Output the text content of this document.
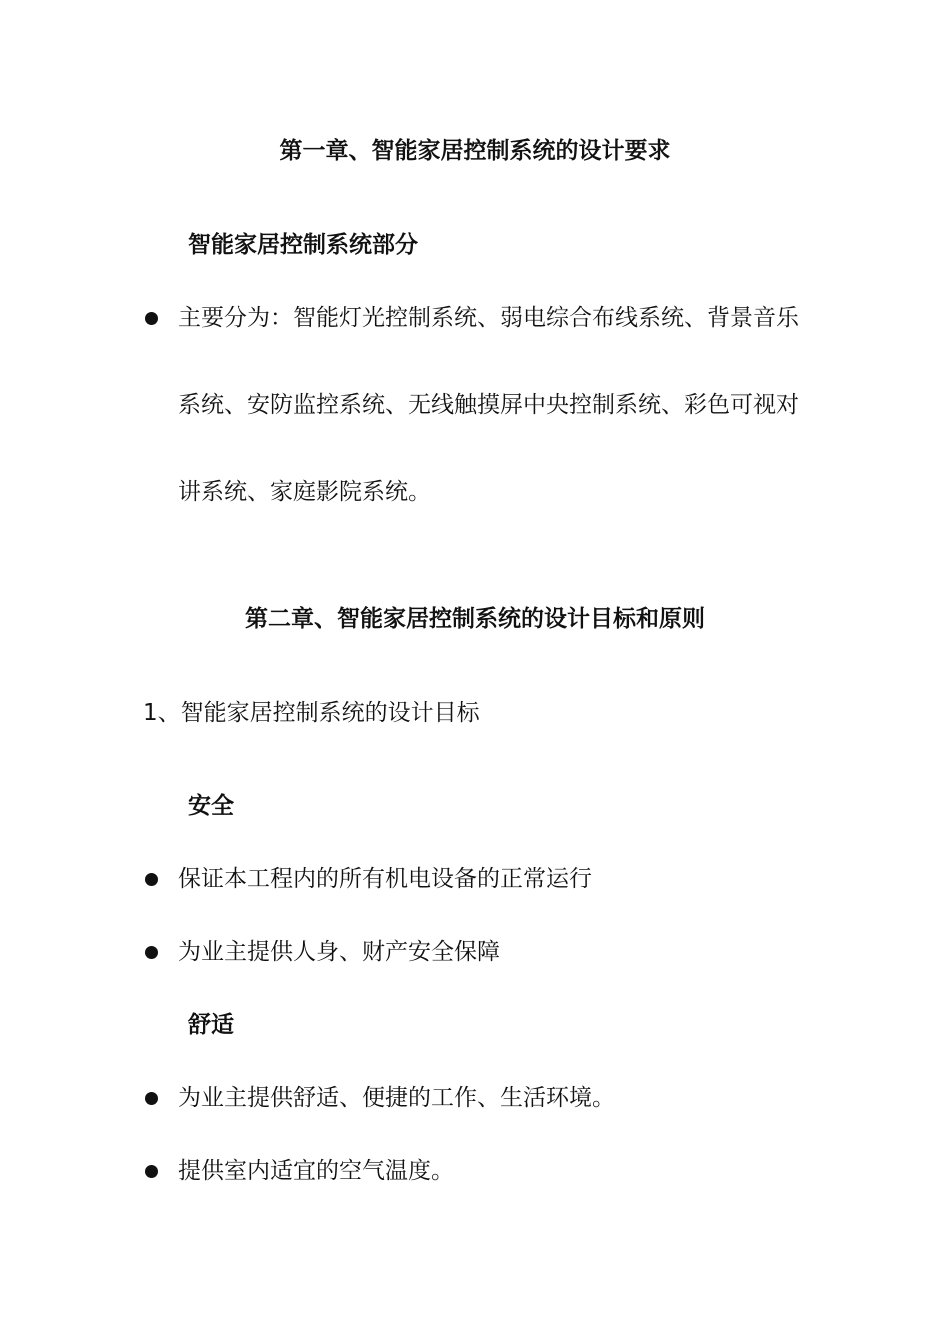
第一章、智能家居控制系统的设计要求
智能家居控制系统部分
主要分为：智能灯光控制系统、弱电综合布线系统、背景音乐系统、安防监控系统、无线触摸屏中央控制系统、彩色可视对讲系统、家庭影院系统。
第二章、智能家居控制系统的设计目标和原则
1、智能家居控制系统的设计目标
安全
保证本工程内的所有机电设备的正常运行
为业主提供人身、财产安全保障
舒适
为业主提供舒适、便捷的工作、生活环境。
提供室内适宜的空气温度。
